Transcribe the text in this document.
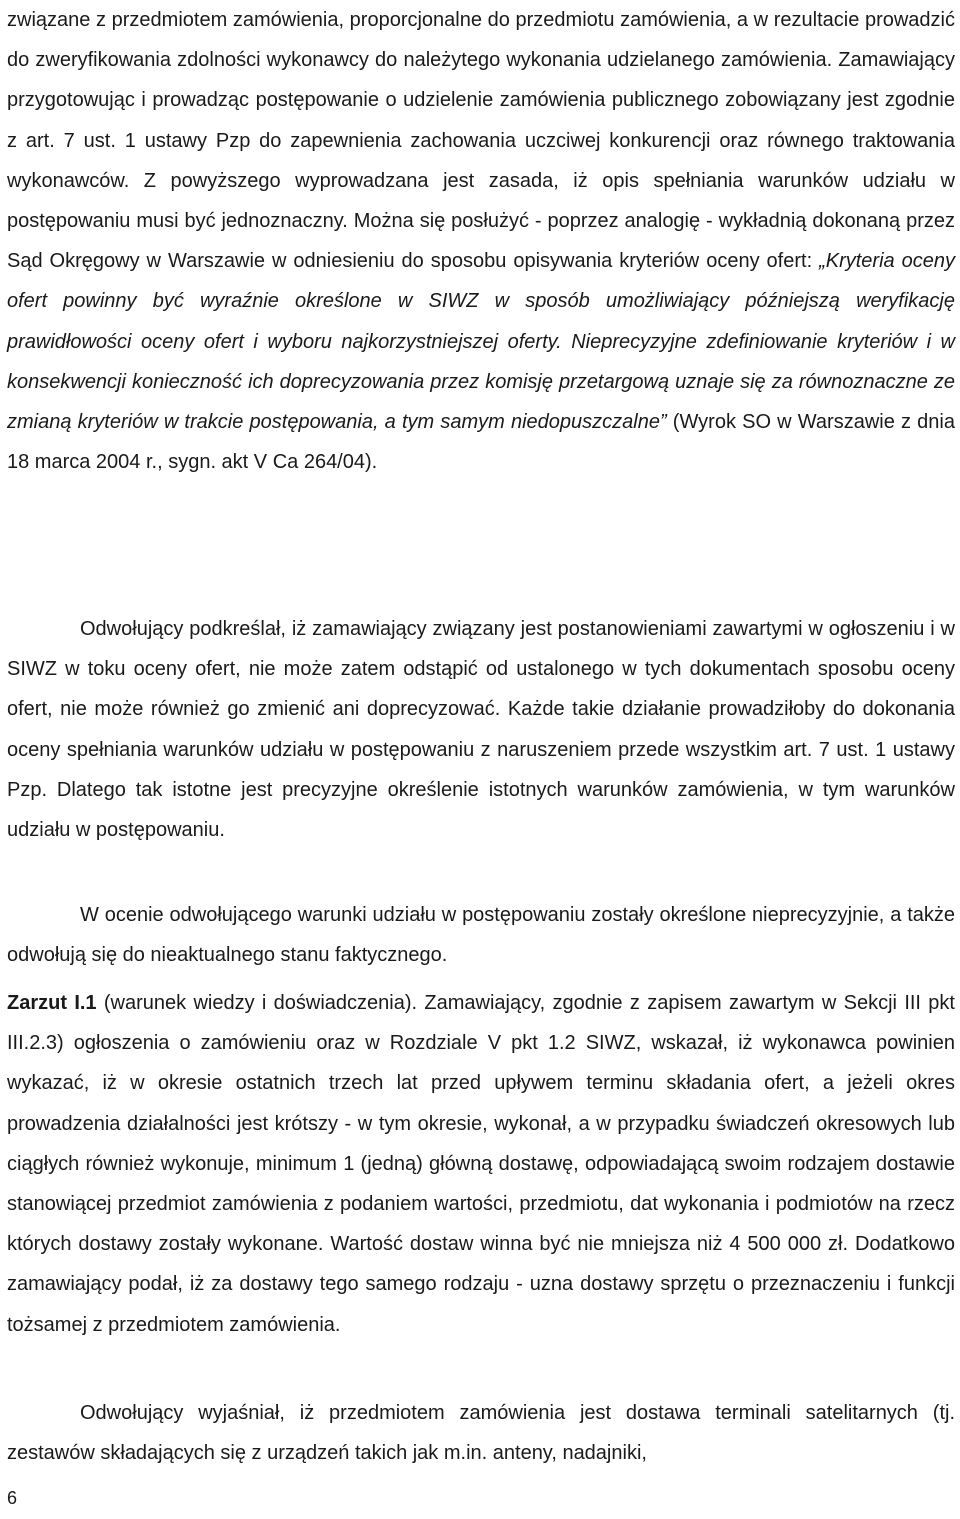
związane z przedmiotem zamówienia, proporcjonalne do przedmiotu zamówienia, a w rezultacie prowadzić do zweryfikowania zdolności wykonawcy do należytego wykonania udzielanego zamówienia. Zamawiający przygotowując i prowadząc postępowanie o udzielenie zamówienia publicznego zobowiązany jest zgodnie z art. 7 ust. 1 ustawy Pzp do zapewnienia zachowania uczciwej konkurencji oraz równego traktowania wykonawców. Z powyższego wyprowadzana jest zasada, iż opis spełniania warunków udziału w postępowaniu musi być jednoznaczny. Można się posłużyć - poprzez analogię - wykładnią dokonaną przez Sąd Okręgowy w Warszawie w odniesieniu do sposobu opisywania kryteriów oceny ofert: „Kryteria oceny ofert powinny być wyraźnie określone w SIWZ w sposób umożliwiający późniejszą weryfikację prawidłowości oceny ofert i wyboru najkorzystniejszej oferty. Nieprecyzyjne zdefiniowanie kryteriów i w konsekwencji konieczność ich doprecyzowania przez komisję przetargową uznaje się za równoznaczne ze zmianą kryteriów w trakcie postępowania, a tym samym niedopuszczalne” (Wyrok SO w Warszawie z dnia 18 marca 2004 r., sygn. akt V Ca 264/04).

Odwołujący podkreślał, iż zamawiający związany jest postanowieniami zawartymi w ogłoszeniu i w SIWZ w toku oceny ofert, nie może zatem odstąpić od ustalonego w tych dokumentach sposobu oceny ofert, nie może również go zmienić ani doprecyzować. Każde takie działanie prowadziłoby do dokonania oceny spełniania warunków udziału w postępowaniu z naruszeniem przede wszystkim art. 7 ust. 1 ustawy Pzp. Dlatego tak istotne jest precyzyjne określenie istotnych warunków zamówienia, w tym warunków udziału w postępowaniu.

W ocenie odwołującego warunki udziału w postępowaniu zostały określone nieprecyzyjnie, a także odwołują się do nieaktualnego stanu faktycznego.

Zarzut I.1 (warunek wiedzy i doświadczenia). Zamawiający, zgodnie z zapisem zawartym w Sekcji III pkt III.2.3) ogłoszenia o zamówieniu oraz w Rozdziale V pkt 1.2 SIWZ, wskazał, iż wykonawca powinien wykazać, iż w okresie ostatnich trzech lat przed upływem terminu składania ofert, a jeżeli okres prowadzenia działalności jest krótszy - w tym okresie, wykonał, a w przypadku świadczeń okresowych lub ciągłych również wykonuje, minimum 1 (jedną) główną dostawę, odpowiadającą swoim rodzajem dostawie stanowiącej przedmiot zamówienia z podaniem wartości, przedmiotu, dat wykonania i podmiotów na rzecz których dostawy zostały wykonane. Wartość dostaw winna być nie mniejsza niż 4 500 000 zł. Dodatkowo zamawiający podał, iż za dostawy tego samego rodzaju - uzna dostawy sprzętu o przeznaczeniu i funkcji tożsamej z przedmiotem zamówienia.

Odwołujący wyjaśniał, iż przedmiotem zamówienia jest dostawa terminali satelitarnych (tj. zestawów składających się z urządzeń takich jak m.in. anteny, nadajniki,

6
